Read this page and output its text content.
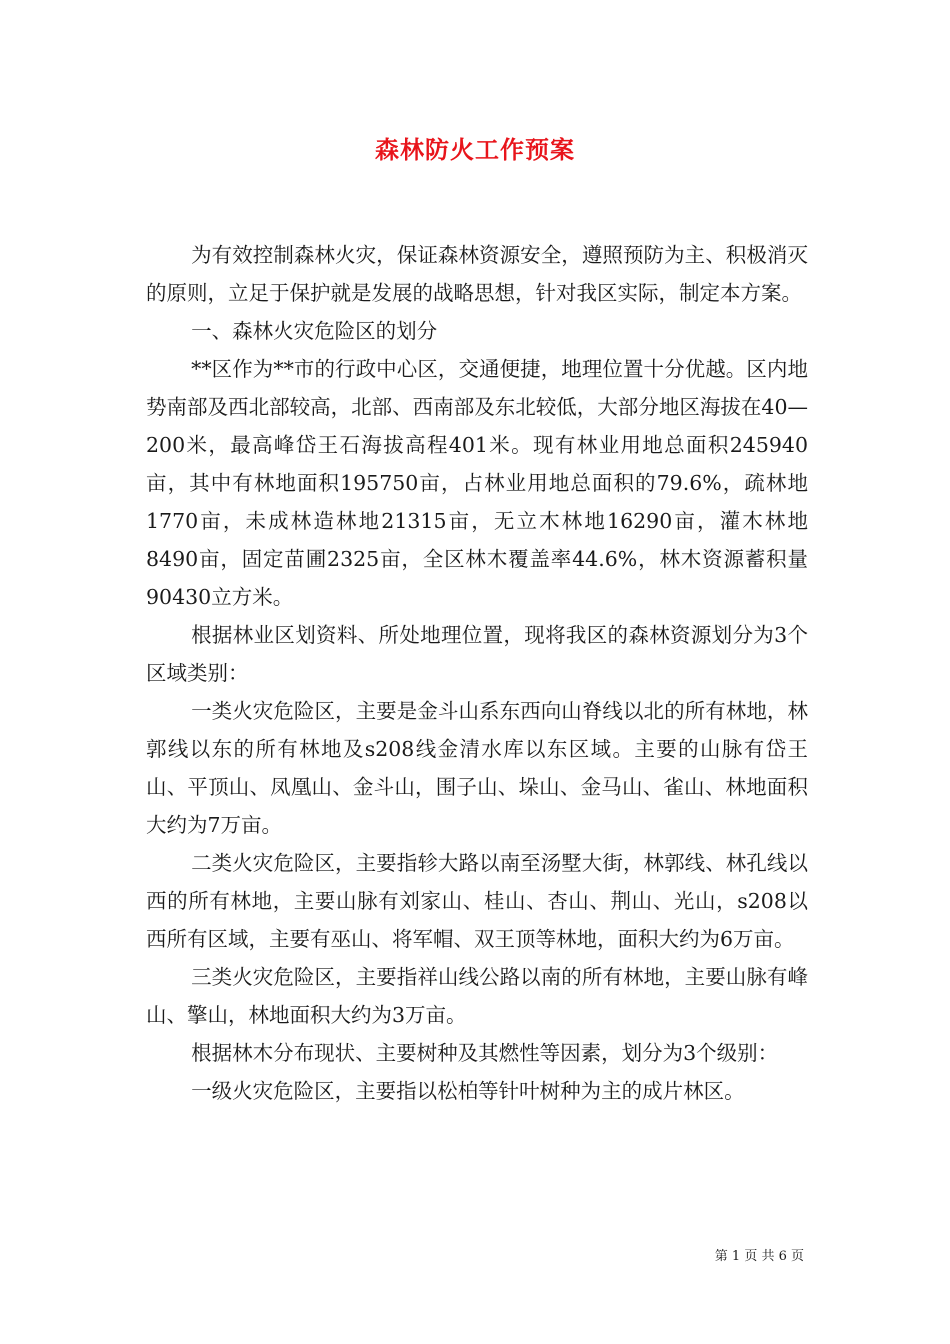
森林防火工作预案

为有效控制森林火灾，保证森林资源安全，遵照预防为主、积极消灭的原则，立足于保护就是发展的战略思想，针对我区实际，制定本方案。

一、森林火灾危险区的划分

**区作为**市的行政中心区，交通便捷，地理位置十分优越。区内地势南部及西北部较高，北部、西南部及东北较低，大部分地区海拔在40—200米，最高峰岱王石海拔高程401米。现有林业用地总面积245940亩，其中有林地面积195750亩，占林业用地总面积的79.6%，疏林地1770亩，未成林造林地21315亩，无立木林地16290亩，灌木林地8490亩，固定苗圃2325亩，全区林木覆盖率44.6%，林木资源蓄积量90430立方米。

根据林业区划资料、所处地理位置，现将我区的森林资源划分为3个区域类别：

一类火灾危险区，主要是金斗山系东西向山脊线以北的所有林地，林郭线以东的所有林地及s208线金清水库以东区域。主要的山脉有岱王山、平顶山、凤凰山、金斗山，围子山、垛山、金马山、雀山、林地面积大约为7万亩。

二类火灾危险区，主要指轸大路以南至汤墅大街，林郭线、林孔线以西的所有林地，主要山脉有刘家山、桂山、杏山、荆山、光山，s208以西所有区域，主要有巫山、将军帽、双王顶等林地，面积大约为6万亩。

三类火灾危险区，主要指祥山线公路以南的所有林地，主要山脉有峰山、擎山，林地面积大约为3万亩。

根据林木分布现状、主要树种及其燃性等因素，划分为3个级别：

一级火灾危险区，主要指以松柏等针叶树种为主的成片林区。

第 1 页 共 6 页
